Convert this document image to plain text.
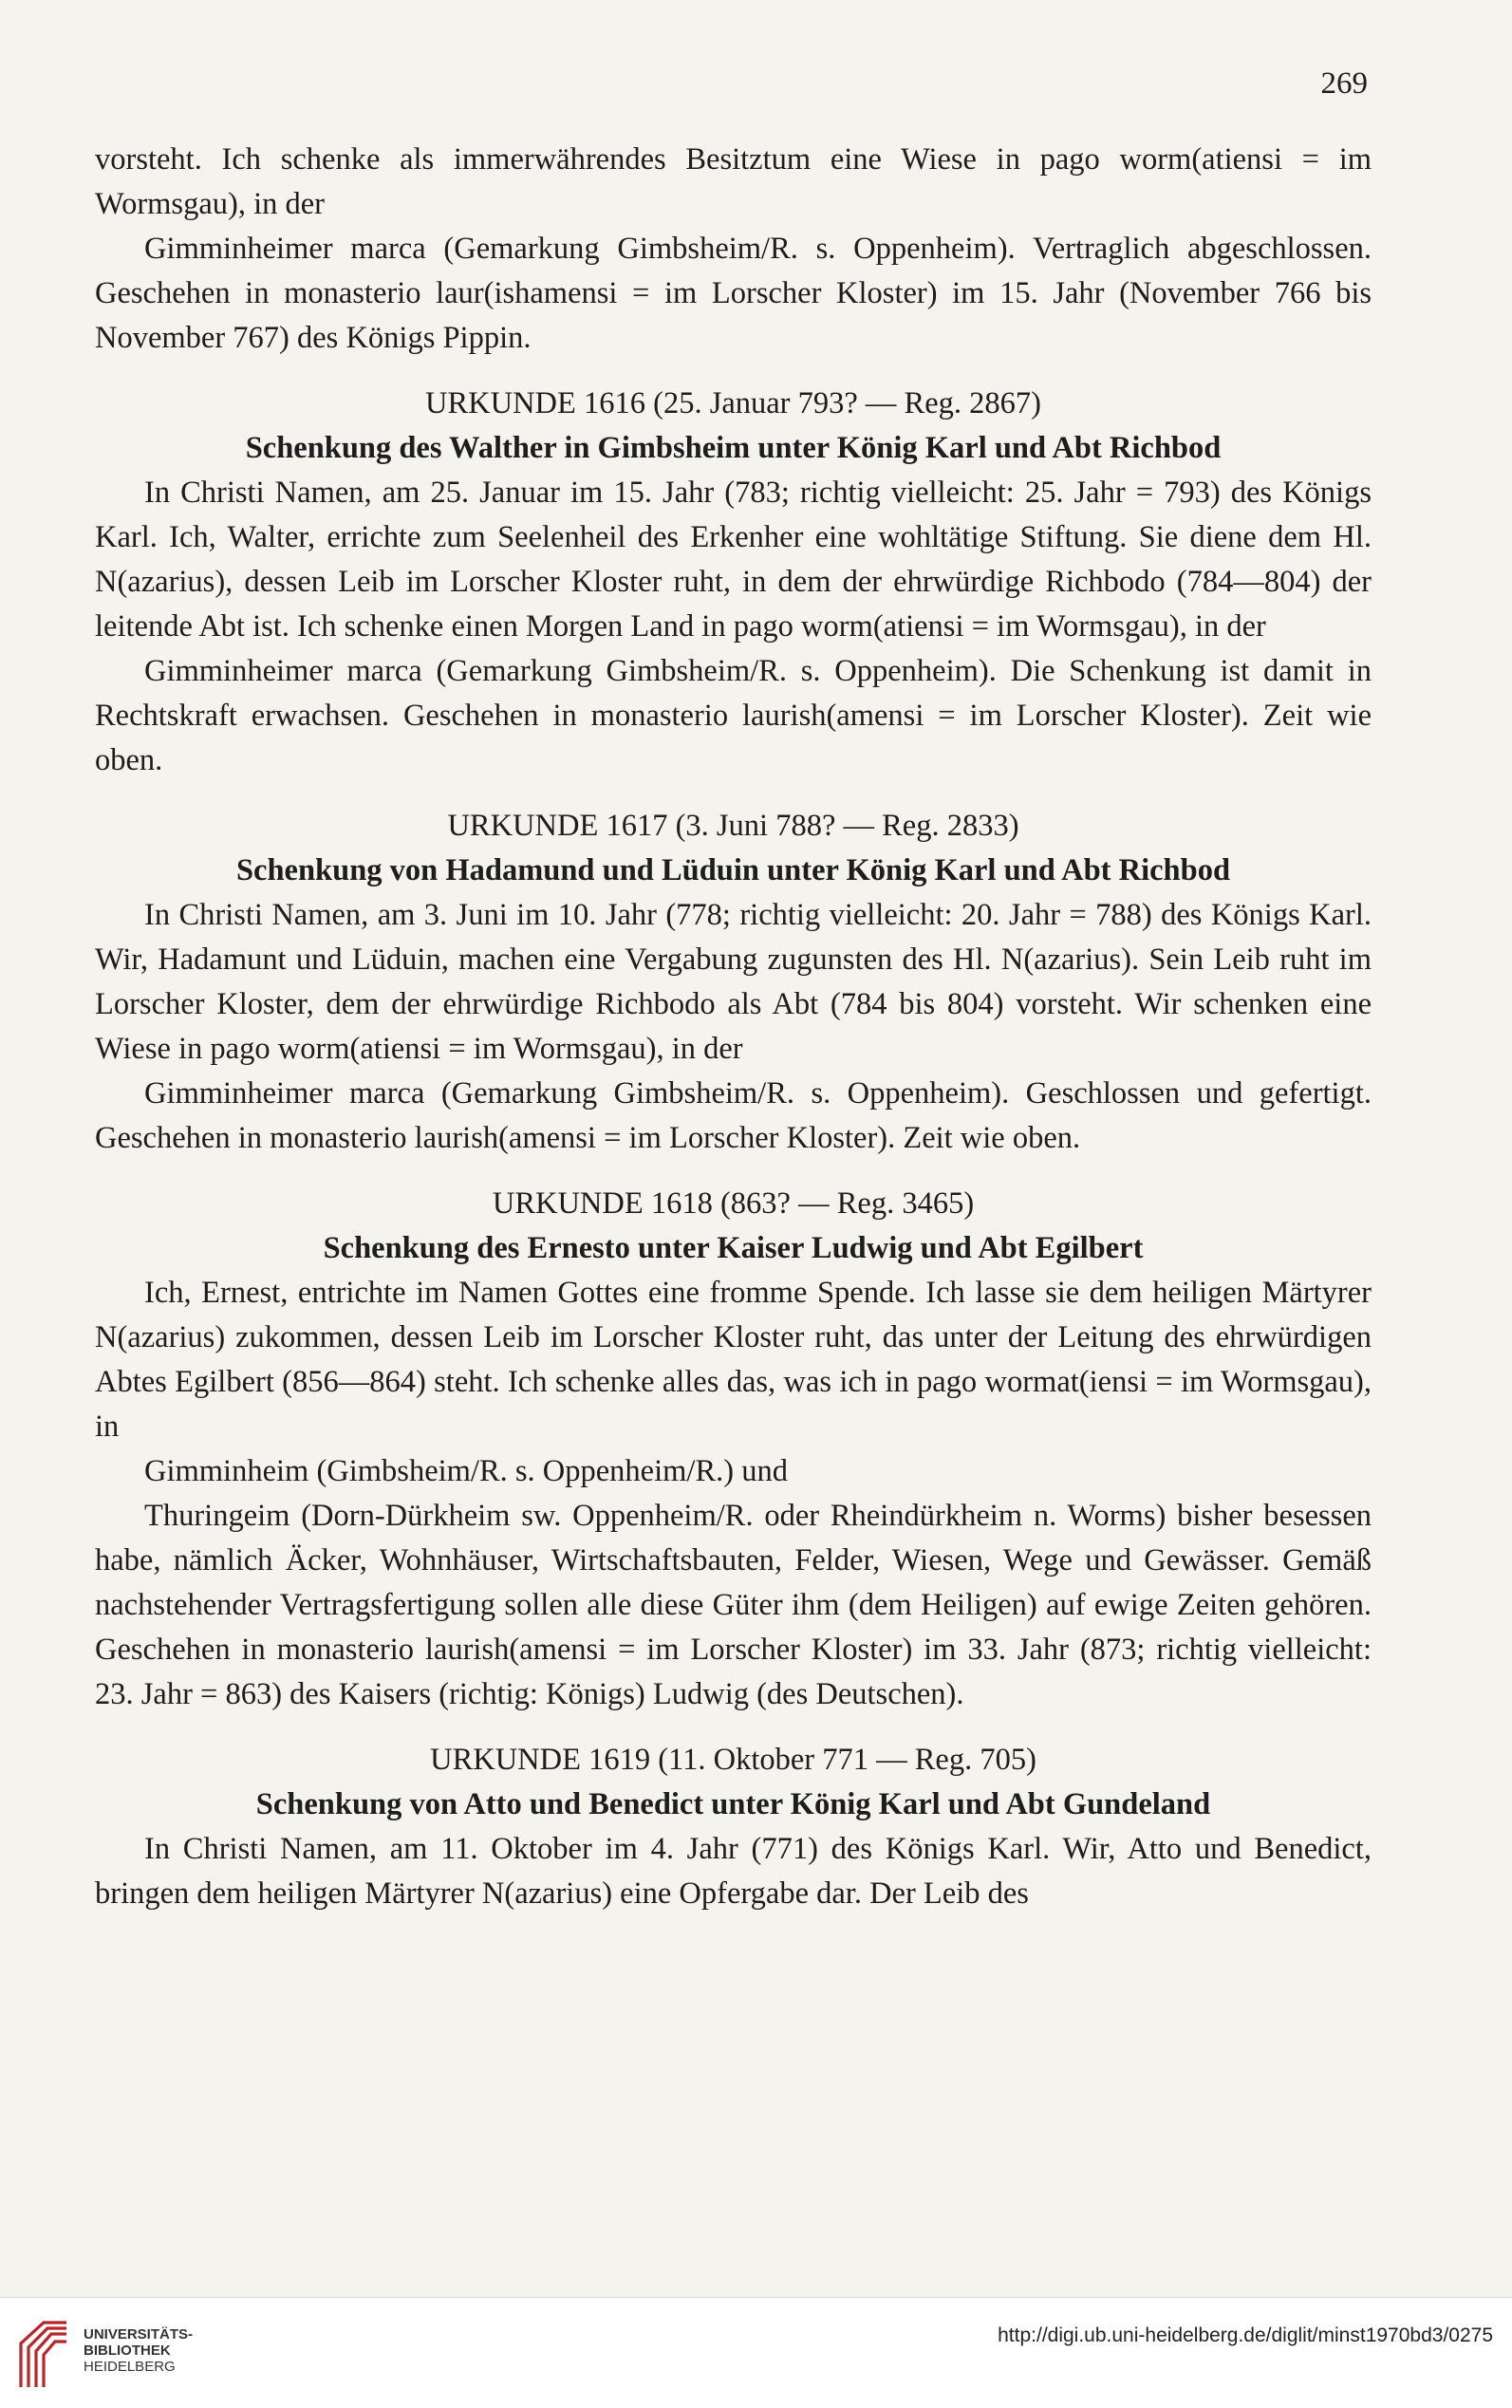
269

vorsteht. Ich schenke als immerwährendes Besitztum eine Wiese in pago worm(atiensi = im Wormsgau), in der

Gimminheimer marca (Gemarkung Gimbsheim/R. s. Oppenheim). Vertraglich abgeschlossen. Geschehen in monasterio laur(ishamensi = im Lorscher Kloster) im 15. Jahr (November 766 bis November 767) des Königs Pippin.

URKUNDE 1616 (25. Januar 793? — Reg. 2867)
Schenkung des Walther in Gimbsheim unter König Karl und Abt Richbod

In Christi Namen, am 25. Januar im 15. Jahr (783; richtig vielleicht: 25. Jahr = 793) des Königs Karl. Ich, Walter, errichte zum Seelenheil des Erkenher eine wohltätige Stiftung. Sie diene dem Hl. N(azarius), dessen Leib im Lorscher Kloster ruht, in dem der ehrwürdige Richbodo (784—804) der leitende Abt ist. Ich schenke einen Morgen Land in pago worm(atiensi = im Wormsgau), in der

Gimminheimer marca (Gemarkung Gimbsheim/R. s. Oppenheim). Die Schenkung ist damit in Rechtskraft erwachsen. Geschehen in monasterio laurish(amensi = im Lorscher Kloster). Zeit wie oben.

URKUNDE 1617 (3. Juni 788? — Reg. 2833)
Schenkung von Hadamund und Lüduin unter König Karl und Abt Richbod

In Christi Namen, am 3. Juni im 10. Jahr (778; richtig vielleicht: 20. Jahr = 788) des Königs Karl. Wir, Hadamunt und Lüduin, machen eine Vergabung zugunsten des Hl. N(azarius). Sein Leib ruht im Lorscher Kloster, dem der ehrwürdige Richbodo als Abt (784 bis 804) vorsteht. Wir schenken eine Wiese in pago worm(atiensi = im Wormsgau), in der

Gimminheimer marca (Gemarkung Gimbsheim/R. s. Oppenheim). Geschlossen und gefertigt. Geschehen in monasterio laurish(amensi = im Lorscher Kloster). Zeit wie oben.

URKUNDE 1618 (863? — Reg. 3465)
Schenkung des Ernesto unter Kaiser Ludwig und Abt Egilbert

Ich, Ernest, entrichte im Namen Gottes eine fromme Spende. Ich lasse sie dem heiligen Märtyrer N(azarius) zukommen, dessen Leib im Lorscher Kloster ruht, das unter der Leitung des ehrwürdigen Abtes Egilbert (856—864) steht. Ich schenke alles das, was ich in pago wormat(iensi = im Wormsgau), in

Gimminheim (Gimbsheim/R. s. Oppenheim/R.) und

Thuringeim (Dorn-Dürkheim sw. Oppenheim/R. oder Rheindürkheim n. Worms) bisher besessen habe, nämlich Äcker, Wohnhäuser, Wirtschaftsbauten, Felder, Wiesen, Wege und Gewässer. Gemäß nachstehender Vertragsfertigung sollen alle diese Güter ihm (dem Heiligen) auf ewige Zeiten gehören. Geschehen in monasterio laurish(amensi = im Lorscher Kloster) im 33. Jahr (873; richtig vielleicht: 23. Jahr = 863) des Kaisers (richtig: Königs) Ludwig (des Deutschen).

URKUNDE 1619 (11. Oktober 771 — Reg. 705)
Schenkung von Atto und Benedict unter König Karl und Abt Gundeland

In Christi Namen, am 11. Oktober im 4. Jahr (771) des Königs Karl. Wir, Atto und Benedict, bringen dem heiligen Märtyrer N(azarius) eine Opfergabe dar. Der Leib des

UNIVERSITÄTS-
BIBLIOTHEK
HEIDELBERG
http://digi.ub.uni-heidelberg.de/diglit/minst1970bd3/0275
